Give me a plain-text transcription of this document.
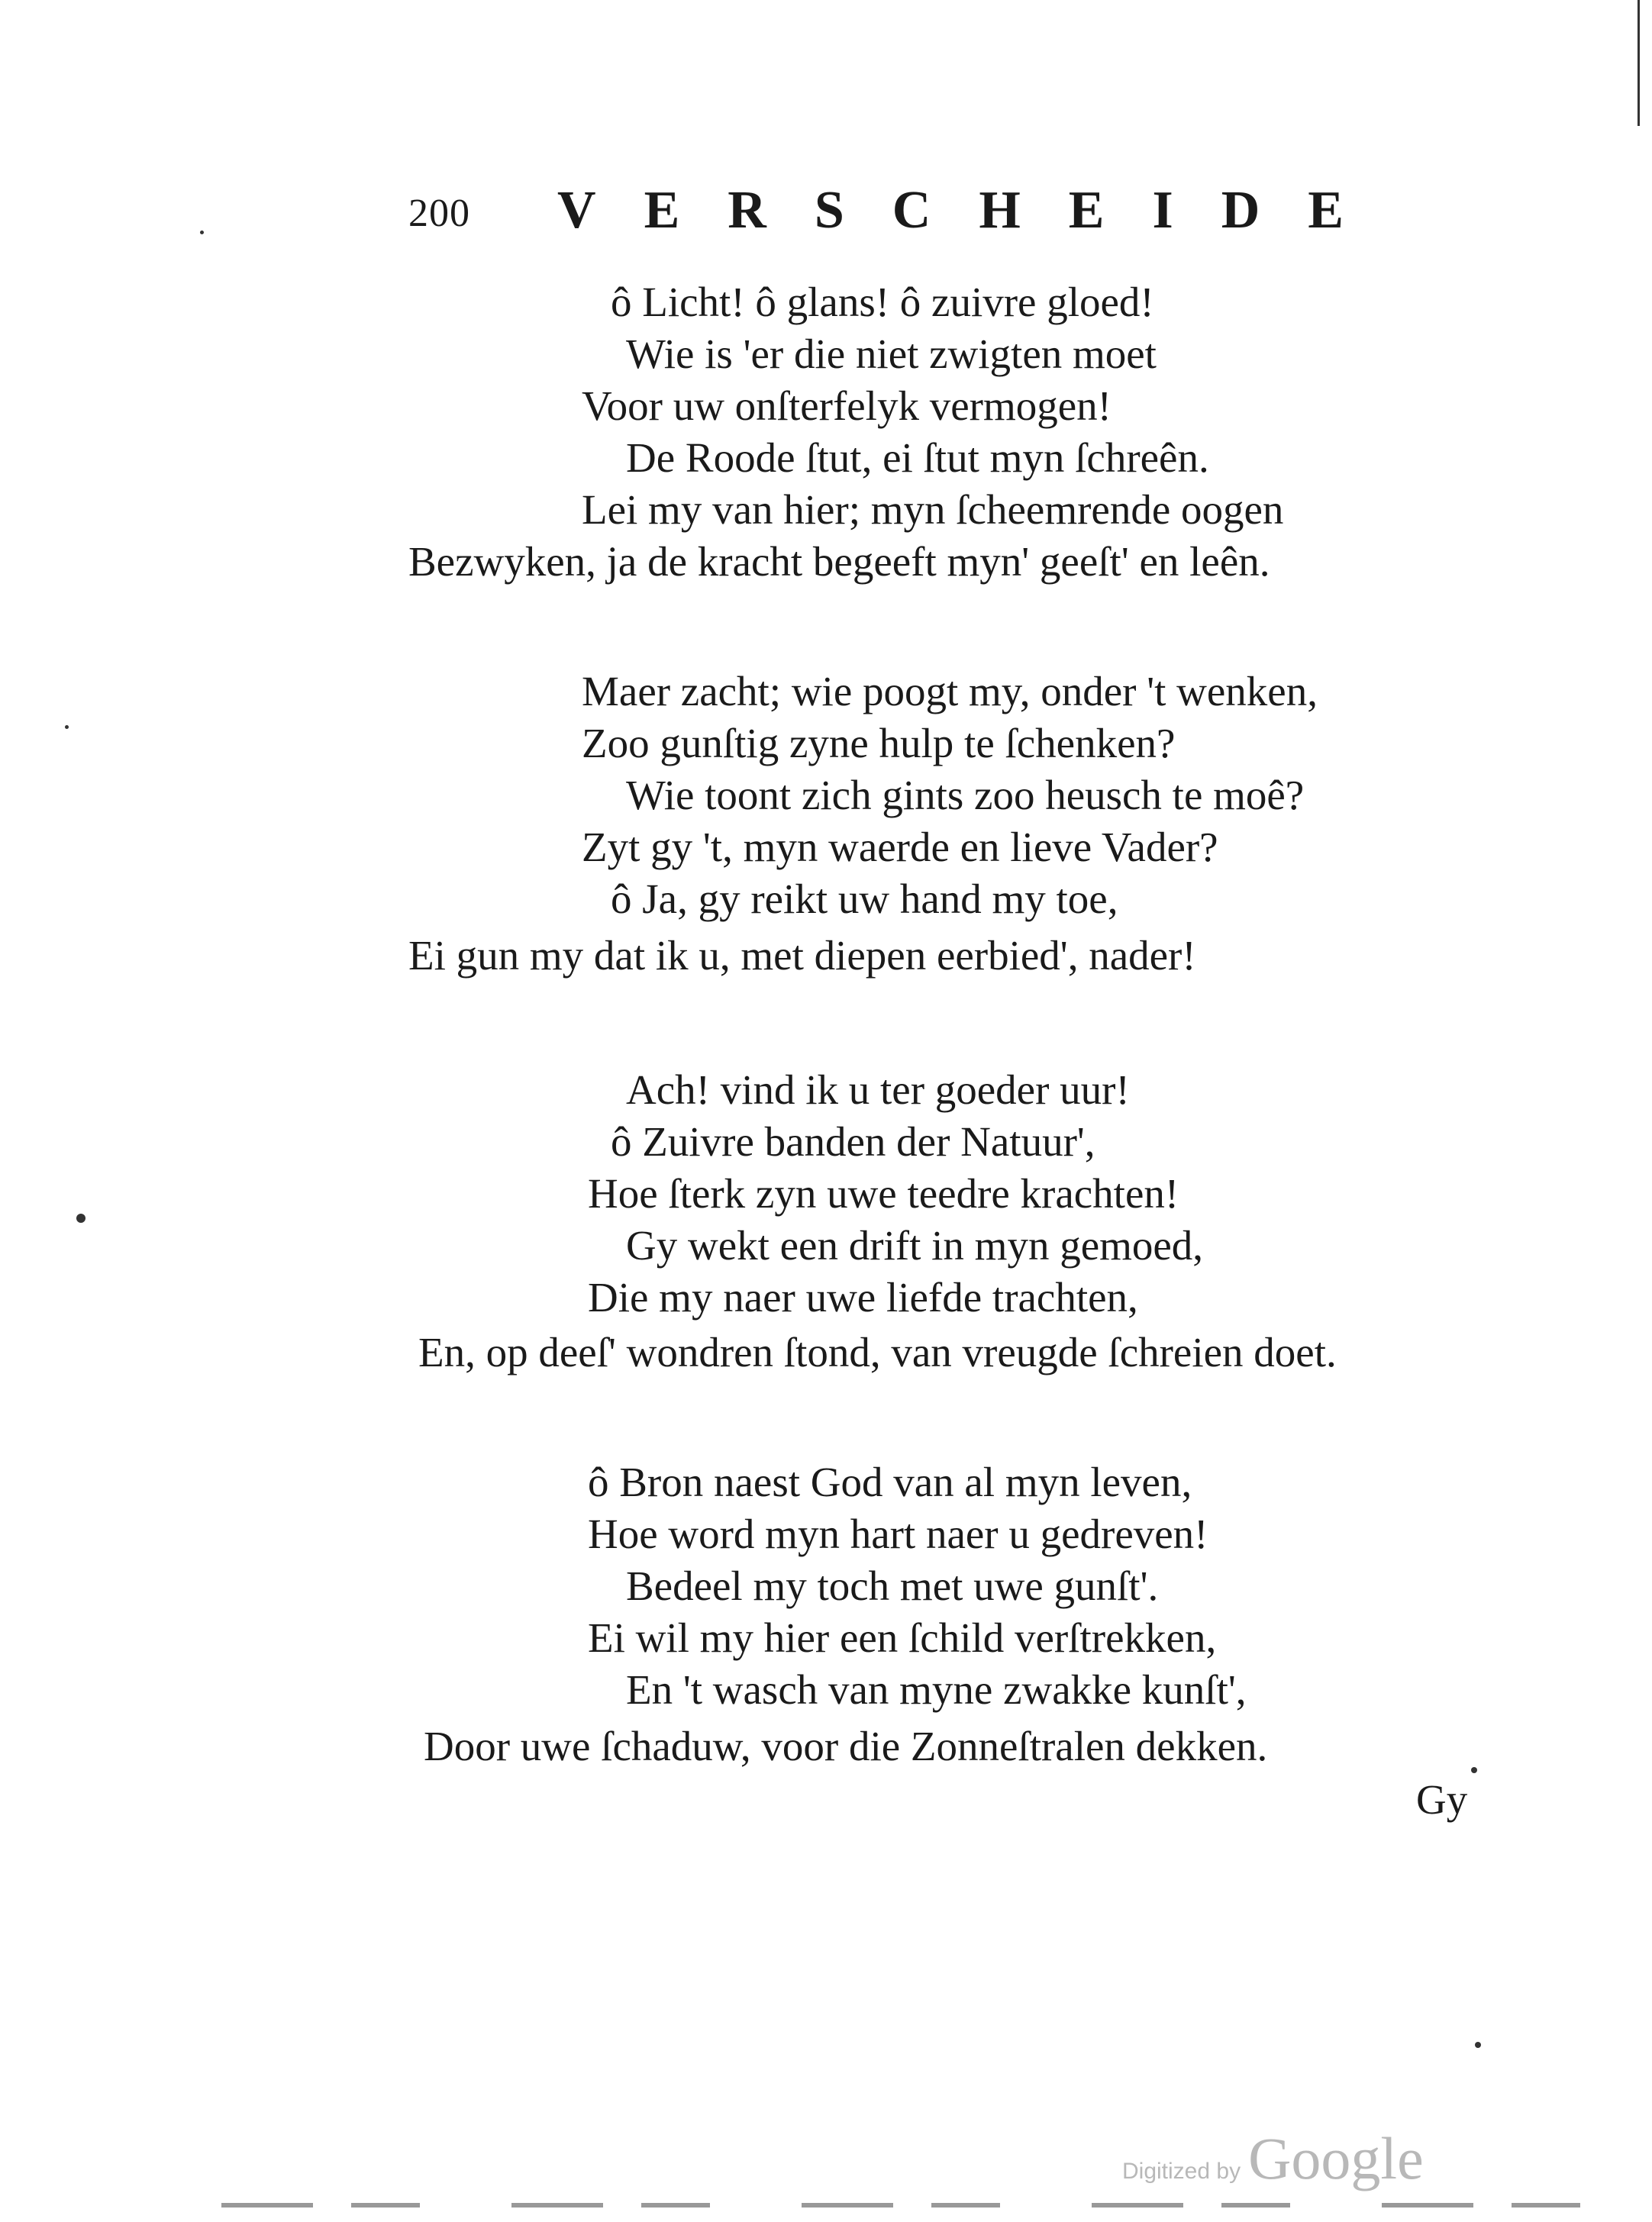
200 V E R S C H E I D E
ô Licht! ô glans! ô zuivre gloed!
Wie is 'er die niet zwigten moet
Voor uw onſterfelyk vermogen!
De Roode ſtut, ei ſtut myn ſchreên.
Lei my van hier; myn ſcheemrende oogen
Bezwyken, ja de kracht begeeft myn' geeſt' en leên.
Maer zacht; wie poogt my, onder 't wenken,
Zoo gunſtig zyne hulp te ſchenken?
Wie toont zich gints zoo heusch te moê?
Zyt gy 't, myn waerde en lieve Vader?
ô Ja, gy reikt uw hand my toe,
Ei gun my dat ik u, met diepen eerbied', nader!
Ach! vind ik u ter goeder uur!
ô Zuivre banden der Natuur',
Hoe ſterk zyn uwe teedre krachten!
Gy wekt een drift in myn gemoed,
Die my naer uwe liefde trachten,
En, op deeſ' wondren ſtond, van vreugde ſchreien doet.
ô Bron naest God van al myn leven,
Hoe word myn hart naer u gedreven!
Bedeel my toch met uwe gunſt'.
Ei wil my hier een ſchild verſtrekken,
En 't wasch van myne zwakke kunſt',
Door uwe ſchaduw, voor die Zonneſtralen dekken.
Gy
Digitized by Google
